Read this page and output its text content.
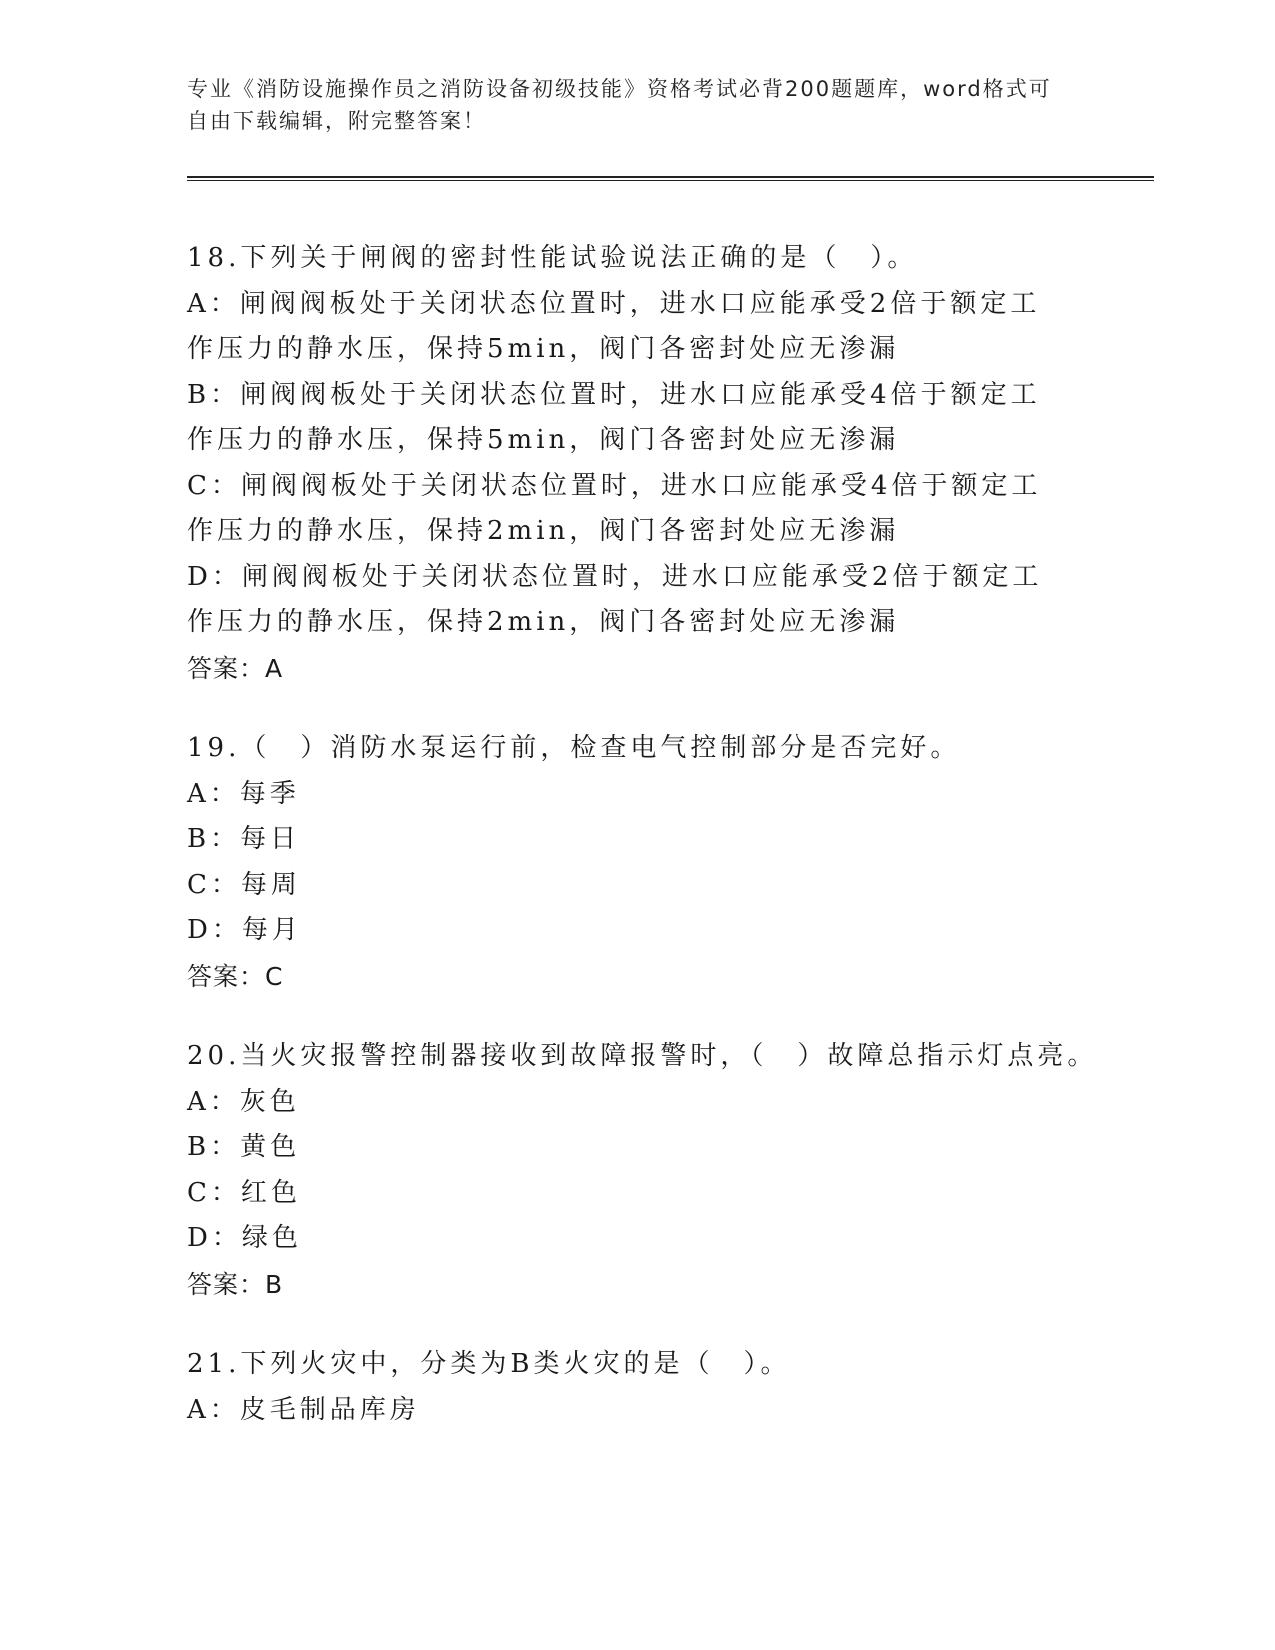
专业《消防设施操作员之消防设备初级技能》资格考试必背200题题库，word格式可自由下载编辑，附完整答案！
18.下列关于闸阀的密封性能试验说法正确的是（　）。
A：闸阀阀板处于关闭状态位置时，进水口应能承受2倍于额定工作压力的静水压，保持5min，阀门各密封处应无渗漏
B：闸阀阀板处于关闭状态位置时，进水口应能承受4倍于额定工作压力的静水压，保持5min，阀门各密封处应无渗漏
C：闸阀阀板处于关闭状态位置时，进水口应能承受4倍于额定工作压力的静水压，保持2min，阀门各密封处应无渗漏
D：闸阀阀板处于关闭状态位置时，进水口应能承受2倍于额定工作压力的静水压，保持2min，阀门各密封处应无渗漏
答案：A
19.（　）消防水泵运行前，检查电气控制部分是否完好。
A：每季
B：每日
C：每周
D：每月
答案：C
20.当火灾报警控制器接收到故障报警时，（　）故障总指示灯点亮。
A：灰色
B：黄色
C：红色
D：绿色
答案：B
21.下列火灾中，分类为B类火灾的是（　）。
A：皮毛制品库房
